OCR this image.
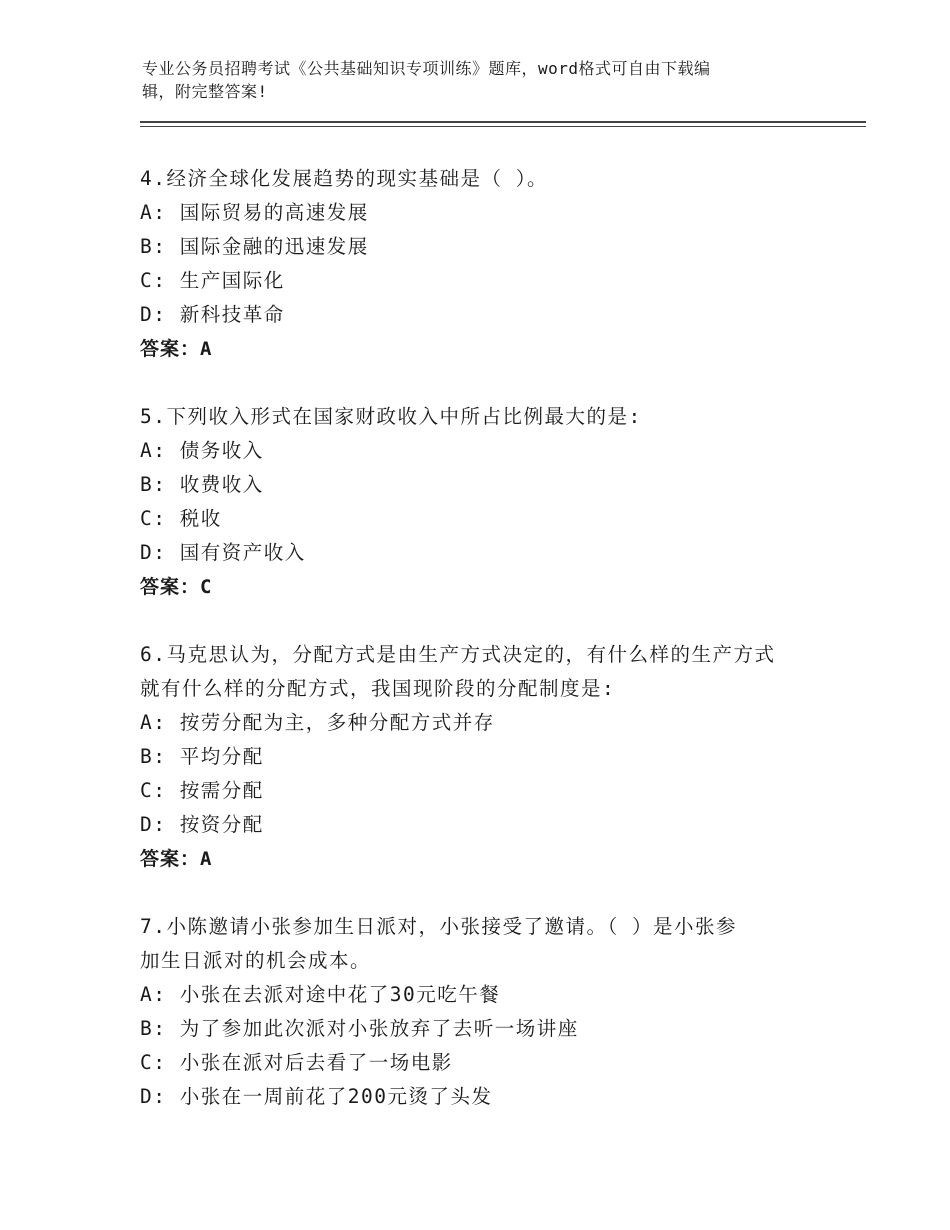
专业公务员招聘考试《公共基础知识专项训练》题库，word格式可自由下载编
辑，附完整答案!
4.经济全球化发展趋势的现实基础是（ ）。
A: 国际贸易的高速发展
B: 国际金融的迅速发展
C: 生产国际化
D: 新科技革命
答案：A
5.下列收入形式在国家财政收入中所占比例最大的是:
A: 债务收入
B: 收费收入
C: 税收
D: 国有资产收入
答案：C
6.马克思认为，分配方式是由生产方式决定的，有什么样的生产方式
就有什么样的分配方式，我国现阶段的分配制度是:
A: 按劳分配为主，多种分配方式并存
B: 平均分配
C: 按需分配
D: 按资分配
答案：A
7.小陈邀请小张参加生日派对，小张接受了邀请。（ ）是小张参
加生日派对的机会成本。
A: 小张在去派对途中花了30元吃午餐
B: 为了参加此次派对小张放弃了去听一场讲座
C: 小张在派对后去看了一场电影
D: 小张在一周前花了200元烫了头发
